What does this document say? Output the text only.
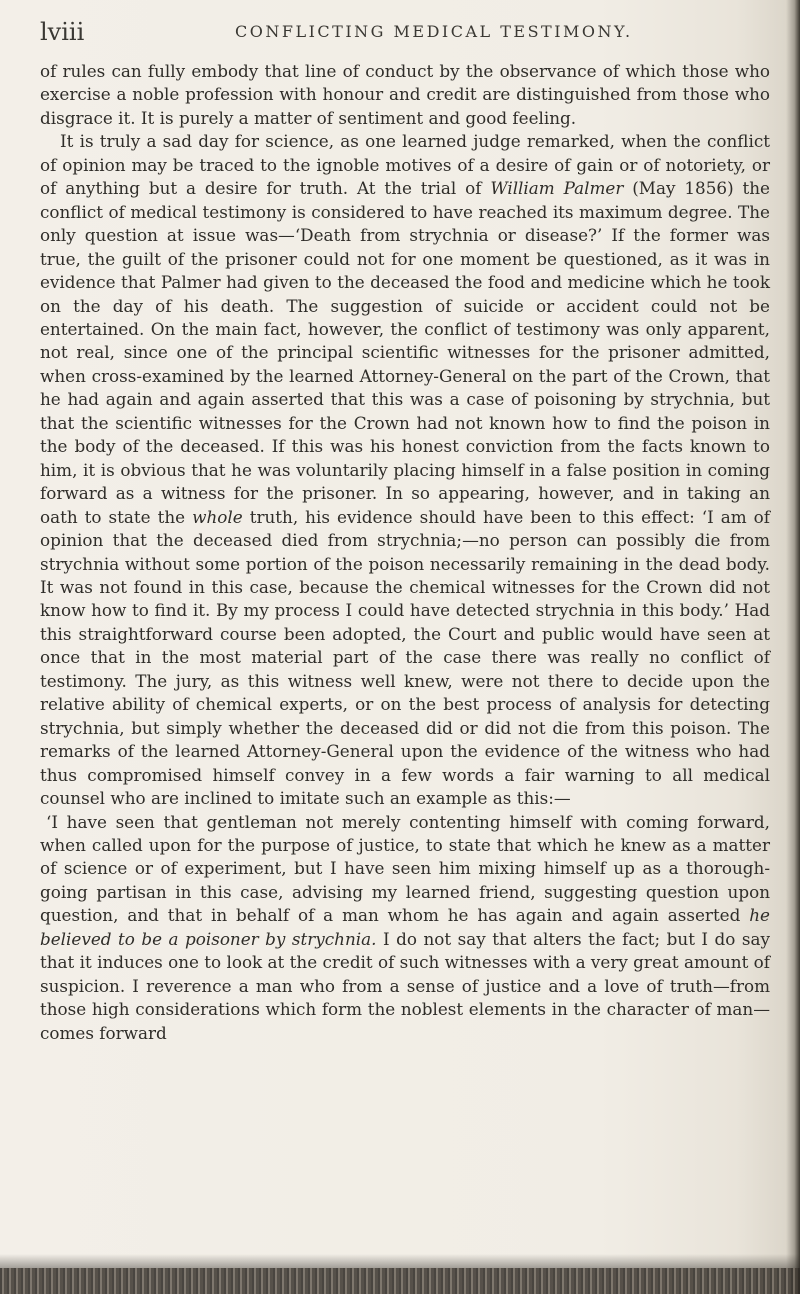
lviii	CONFLICTING MEDICAL TESTIMONY.

of rules can fully embody that line of conduct by the observance of which those who exercise a noble profession with honour and credit are distinguished from those who disgrace it. It is purely a matter of sentiment and good feeling.

It is truly a sad day for science, as one learned judge remarked, when the conflict of opinion may be traced to the ignoble motives of a desire of gain or of notoriety, or of anything but a desire for truth. At the trial of William Palmer (May 1856) the conflict of medical testimony is considered to have reached its maximum degree. The only question at issue was—‘Death from strychnia or disease?’ If the former was true, the guilt of the prisoner could not for one moment be questioned, as it was in evidence that Palmer had given to the deceased the food and medicine which he took on the day of his death. The suggestion of suicide or accident could not be entertained. On the main fact, however, the conflict of testimony was only apparent, not real, since one of the principal scientific witnesses for the prisoner admitted, when cross-examined by the learned Attorney-General on the part of the Crown, that he had again and again asserted that this was a case of poisoning by strychnia, but that the scientific witnesses for the Crown had not known how to find the poison in the body of the deceased. If this was his honest conviction from the facts known to him, it is obvious that he was voluntarily placing himself in a false position in coming forward as a witness for the prisoner. In so appearing, however, and in taking an oath to state the whole truth, his evidence should have been to this effect: ‘I am of opinion that the deceased died from strychnia;—no person can possibly die from strychnia without some portion of the poison necessarily remaining in the dead body. It was not found in this case, because the chemical witnesses for the Crown did not know how to find it. By my process I could have detected strychnia in this body.’ Had this straightforward course been adopted, the Court and public would have seen at once that in the most material part of the case there was really no conflict of testimony. The jury, as this witness well knew, were not there to decide upon the relative ability of chemical experts, or on the best process of analysis for detecting strychnia, but simply whether the deceased did or did not die from this poison. The remarks of the learned Attorney-General upon the evidence of the witness who had thus compromised himself convey in a few words a fair warning to all medical counsel who are inclined to imitate such an example as this:—

‘I have seen that gentleman not merely contenting himself with coming forward, when called upon for the purpose of justice, to state that which he knew as a matter of science or of experiment, but I have seen him mixing himself up as a thorough-going partisan in this case, advising my learned friend, suggesting question upon question, and that in behalf of a man whom he has again and again asserted he believed to be a poisoner by strychnia. I do not say that alters the fact; but I do say that it induces one to look at the credit of such witnesses with a very great amount of suspicion. I reverence a man who from a sense of justice and a love of truth—from those high considerations which form the noblest elements in the character of man—comes forward
